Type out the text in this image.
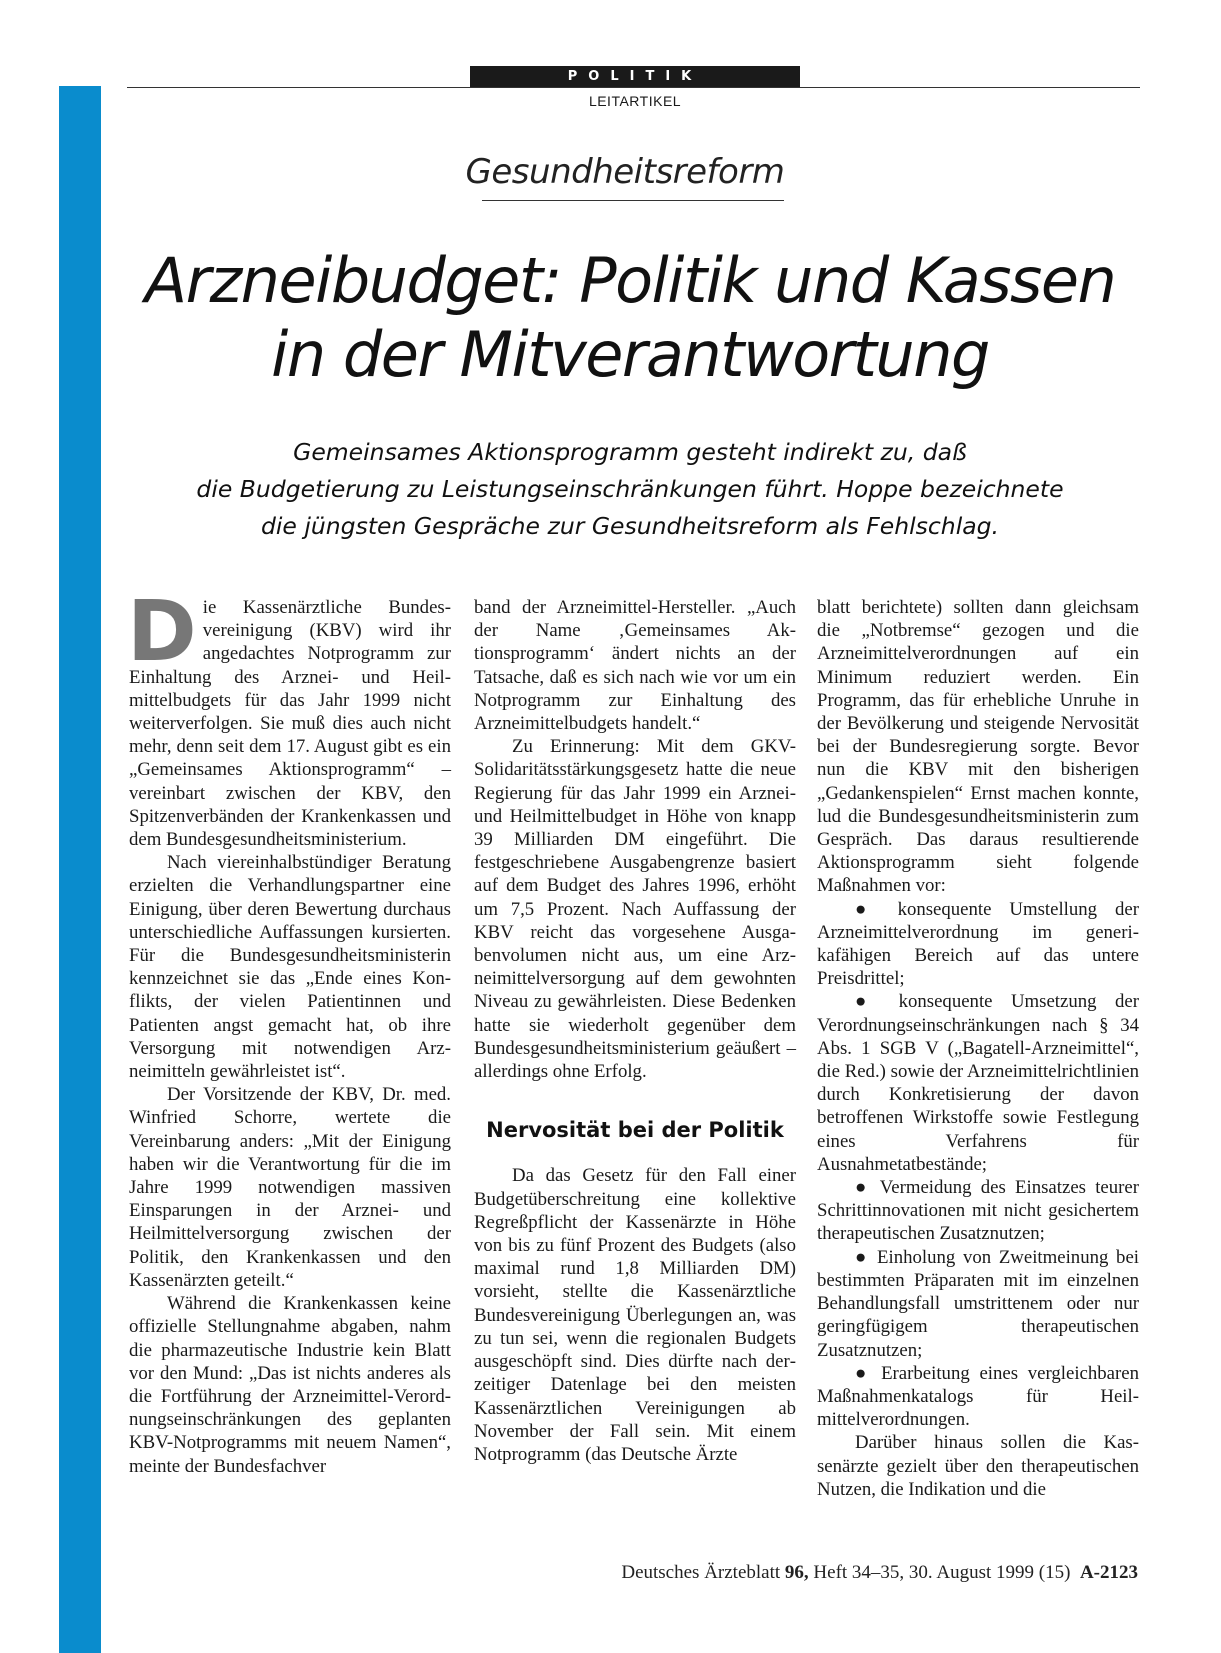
POLITIK
LEITARTIKEL
Gesundheitsreform
Arzneibudget: Politik und Kassen
in der Mitverantwortung
Gemeinsames Aktionsprogramm gesteht indirekt zu, daß
die Budgetierung zu Leistungseinschränkungen führt. Hoppe bezeichnete
die jüngsten Gespräche zur Gesundheitsreform als Fehlschlag.

Die Kassenärztliche Bundesvereinigung (KBV) wird ihr angedachtes Notprogramm zur Einhaltung des Arznei- und Heilmittelbudgets für das Jahr 1999 nicht weiterverfolgen. Sie muß dies auch nicht mehr, denn seit dem 17. August gibt es ein „Gemeinsames Aktionsprogramm“ – vereinbart zwischen der KBV, den Spitzenverbänden der Krankenkassen und dem Bundesgesundheitsministerium.

Nach viereinhalbstündiger Beratung erzielten die Verhandlungspartner eine Einigung, über deren Bewertung durchaus unterschiedliche Auffassungen kursierten. Für die Bundesgesundheitsministerin kennzeichnet sie das „Ende eines Konflikts, der vielen Patientinnen und Patienten angst gemacht hat, ob ihre Versorgung mit notwendigen Arzneimitteln gewährleistet ist“.

Der Vorsitzende der KBV, Dr. med. Winfried Schorre, wertete die Vereinbarung anders: „Mit der Einigung haben wir die Verantwortung für die im Jahre 1999 notwendigen massiven Einsparungen in der Arznei- und Heilmittelversorgung zwischen der Politik, den Krankenkassen und den Kassenärzten geteilt.“

Während die Krankenkassen keine offizielle Stellungnahme abgaben, nahm die pharmazeutische Industrie kein Blatt vor den Mund: „Das ist nichts anderes als die Fortführung der Arzneimittel-Verordnungseinschränkungen des geplanten KBV-Notprogramms mit neuem Namen“, meinte der Bundesfachver

band der Arzneimittel-Hersteller. „Auch der Name ‚Gemeinsames Aktionsprogramm‘ ändert nichts an der Tatsache, daß es sich nach wie vor um ein Notprogramm zur Einhaltung des Arzneimittelbudgets handelt.“

Zu Erinnerung: Mit dem GKV-Solidaritätsstärkungsgesetz hatte die neue Regierung für das Jahr 1999 ein Arznei- und Heilmittelbudget in Höhe von knapp 39 Milliarden DM eingeführt. Die festgeschriebene Ausgabengrenze basiert auf dem Budget des Jahres 1996, erhöht um 7,5 Prozent. Nach Auffassung der KBV reicht das vorgesehene Ausgabenvolumen nicht aus, um eine Arzneimittelversorgung auf dem gewohnten Niveau zu gewährleisten. Diese Bedenken hatte sie wiederholt gegenüber dem Bundesgesundheitsministerium geäußert – allerdings ohne Erfolg.

Nervosität bei der Politik

Da das Gesetz für den Fall einer Budgetüberschreitung eine kollektive Regreßpflicht der Kassenärzte in Höhe von bis zu fünf Prozent des Budgets (also maximal rund 1,8 Milliarden DM) vorsieht, stellte die Kassenärztliche Bundesvereinigung Überlegungen an, was zu tun sei, wenn die regionalen Budgets ausgeschöpft sind. Dies dürfte nach derzeitiger Datenlage bei den meisten Kassenärztlichen Vereinigungen ab November der Fall sein. Mit einem Notprogramm (das Deutsche Ärzte

blatt berichtete) sollten dann gleichsam die „Notbremse“ gezogen und die Arzneimittelverordnungen auf ein Minimum reduziert werden. Ein Programm, das für erhebliche Unruhe in der Bevölkerung und steigende Nervosität bei der Bundesregierung sorgte. Bevor nun die KBV mit den bisherigen „Gedankenspielen“ Ernst machen konnte, lud die Bundesgesundheitsministerin zum Gespräch. Das daraus resultierende Aktionsprogramm sieht folgende Maßnahmen vor:

● konsequente Umstellung der Arzneimittelverordnung im generikafähigen Bereich auf das untere Preisdrittel;

● konsequente Umsetzung der Verordnungseinschränkungen nach § 34 Abs. 1 SGB V („Bagatell-Arzneimittel“, die Red.) sowie der Arzneimittelrichtlinien durch Konkretisierung der davon betroffenen Wirkstoffe sowie Festlegung eines Verfahrens für Ausnahmetatbestände;

● Vermeidung des Einsatzes teurer Schrittinnovationen mit nicht gesichertem therapeutischen Zusatznutzen;

● Einholung von Zweitmeinung bei bestimmten Präparaten mit im einzelnen Behandlungsfall umstrittenem oder nur geringfügigem therapeutischen Zusatznutzen;

● Erarbeitung eines vergleichbaren Maßnahmenkatalogs für Heilmittelverordnungen.

Darüber hinaus sollen die Kassenärzte gezielt über den therapeutischen Nutzen, die Indikation und die

Deutsches Ärzteblatt 96, Heft 34–35, 30. August 1999 (15) A-2123
